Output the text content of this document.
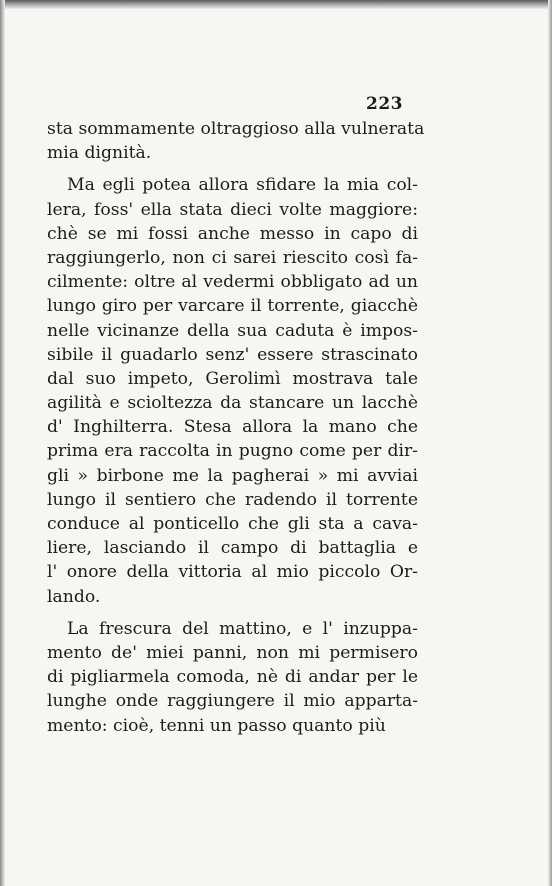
223
sta sommamente oltraggioso alla vulnerata
mia dignità.
Ma egli potea allora sfidare la mia col-
lera, foss' ella stata dieci volte maggiore:
chè se mi fossi anche messo in capo di
raggiungerlo, non ci sarei riescito così fa-
cilmente: oltre al vedermi obbligato ad un
lungo giro per varcare il torrente, giacchè
nelle vicinanze della sua caduta è impos-
sibile il guadarlo senz' essere strascinato
dal suo impeto, Gerolimì mostrava tale
agilità e scioltezza da stancare un lacchè
d' Inghilterra. Stesa allora la mano che
prima era raccolta in pugno come per dir-
gli » birbone me la pagherai » mi avviai
lungo il sentiero che radendo il torrente
conduce al ponticello che gli sta a cava-
liere, lasciando il campo di battaglia e
l' onore della vittoria al mio piccolo Or-
lando.
La frescura del mattino, e l' inzuppa-
mento de' miei panni, non mi permisero
di pigliarmela comoda, nè di andar per le
lunghe onde raggiungere il mio apparta-
mento: cioè, tenni un passo quanto più
